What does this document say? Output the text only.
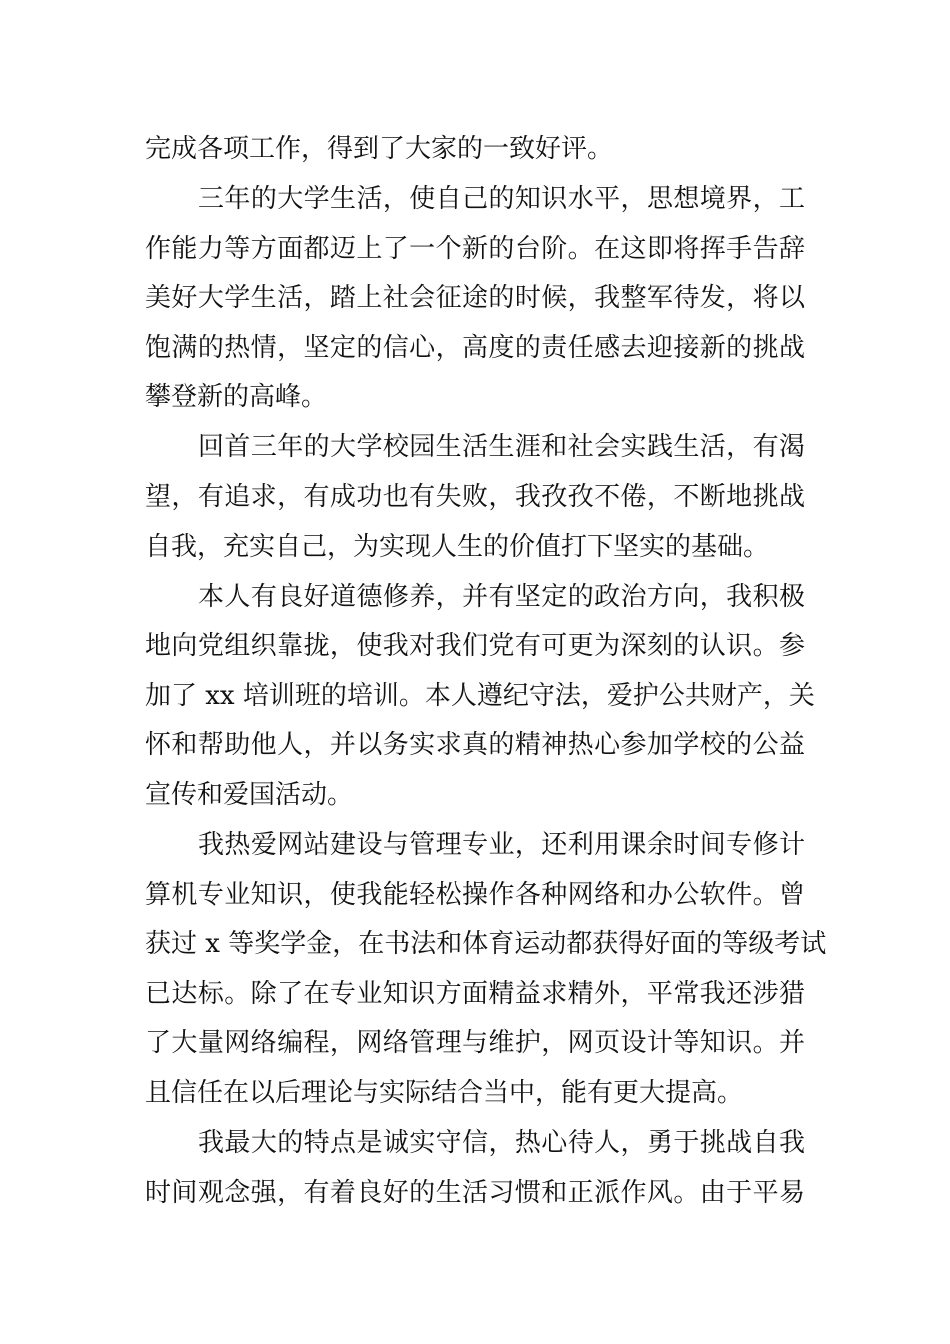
完成各项工作，得到了大家的一致好评。
三年的大学生活，使自己的知识水平，思想境界，工
作能力等方面都迈上了一个新的台阶。在这即将挥手告辞
美好大学生活，踏上社会征途的时候，我整军待发，将以
饱满的热情，坚定的信心，高度的责任感去迎接新的挑战
攀登新的高峰。
回首三年的大学校园生活生涯和社会实践生活，有渴
望，有追求，有成功也有失败，我孜孜不倦，不断地挑战
自我，充实自己，为实现人生的价值打下坚实的基础。
本人有良好道德修养，并有坚定的政治方向，我积极
地向党组织靠拢，使我对我们党有可更为深刻的认识。参
加了 xx 培训班的培训。本人遵纪守法，爱护公共财产，关
怀和帮助他人，并以务实求真的精神热心参加学校的公益
宣传和爱国活动。
我热爱网站建设与管理专业，还利用课余时间专修计
算机专业知识，使我能轻松操作各种网络和办公软件。曾
获过 x 等奖学金，在书法和体育运动都获得好面的等级考试
已达标。除了在专业知识方面精益求精外，平常我还涉猎
了大量网络编程，网络管理与维护，网页设计等知识。并
且信任在以后理论与实际结合当中，能有更大提高。
我最大的特点是诚实守信，热心待人，勇于挑战自我
时间观念强，有着良好的生活习惯和正派作风。由于平易
